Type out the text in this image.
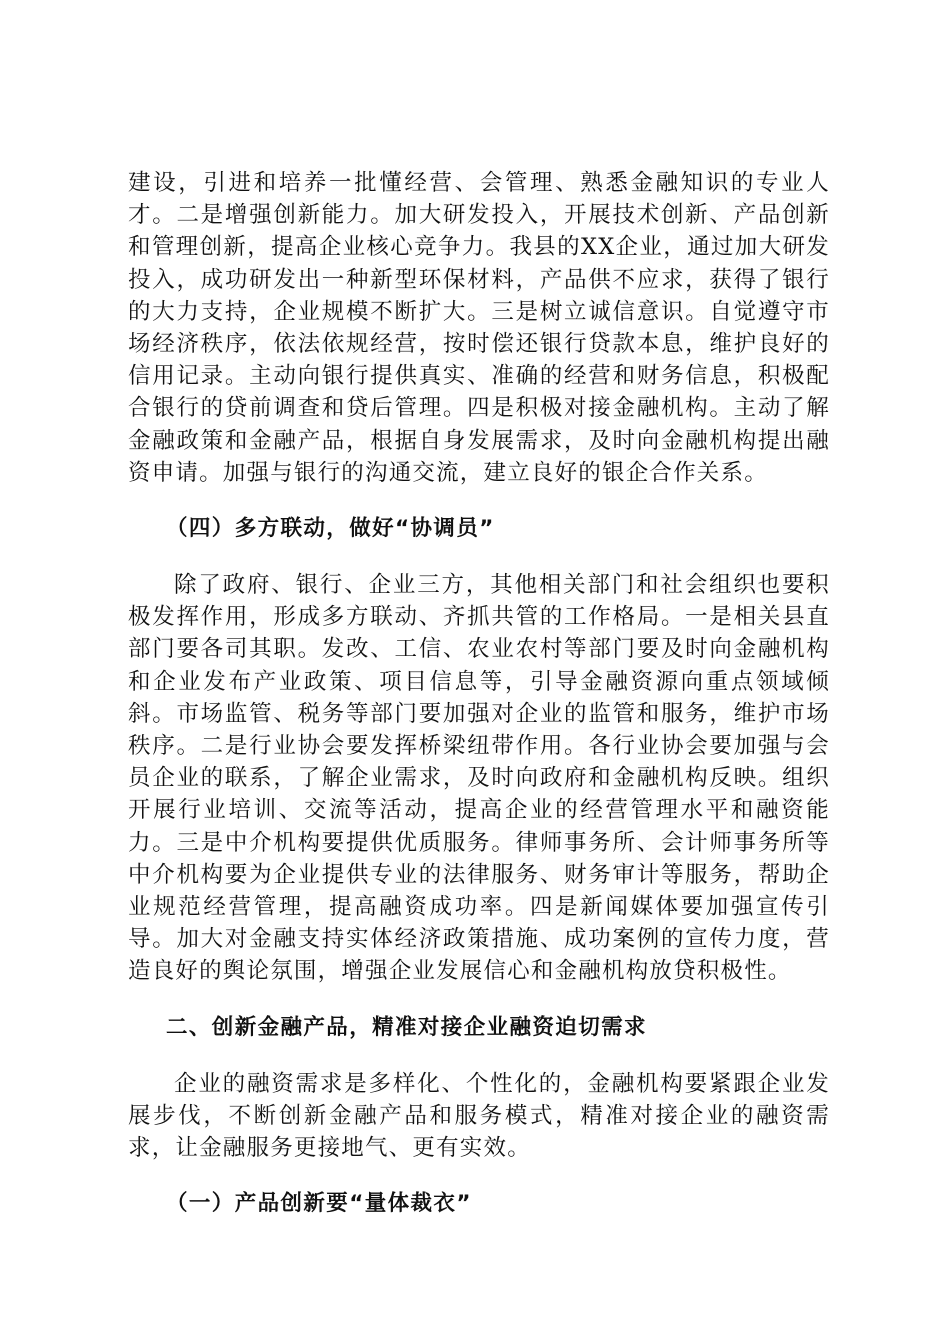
建设，引进和培养一批懂经营、会管理、熟悉金融知识的专业人才。二是增强创新能力。加大研发投入，开展技术创新、产品创新和管理创新，提高企业核心竞争力。我县的XX企业，通过加大研发投入，成功研发出一种新型环保材料，产品供不应求，获得了银行的大力支持，企业规模不断扩大。三是树立诚信意识。自觉遵守市场经济秩序，依法依规经营，按时偿还银行贷款本息，维护良好的信用记录。主动向银行提供真实、准确的经营和财务信息，积极配合银行的贷前调查和贷后管理。四是积极对接金融机构。主动了解金融政策和金融产品，根据自身发展需求，及时向金融机构提出融资申请。加强与银行的沟通交流，建立良好的银企合作关系。

（四）多方联动，做好“协调员”

除了政府、银行、企业三方，其他相关部门和社会组织也要积极发挥作用，形成多方联动、齐抓共管的工作格局。一是相关县直部门要各司其职。发改、工信、农业农村等部门要及时向金融机构和企业发布产业政策、项目信息等，引导金融资源向重点领域倾斜。市场监管、税务等部门要加强对企业的监管和服务，维护市场秩序。二是行业协会要发挥桥梁纽带作用。各行业协会要加强与会员企业的联系，了解企业需求，及时向政府和金融机构反映。组织开展行业培训、交流等活动，提高企业的经营管理水平和融资能力。三是中介机构要提供优质服务。律师事务所、会计师事务所等中介机构要为企业提供专业的法律服务、财务审计等服务，帮助企业规范经营管理，提高融资成功率。四是新闻媒体要加强宣传引导。加大对金融支持实体经济政策措施、成功案例的宣传力度，营造良好的舆论氛围，增强企业发展信心和金融机构放贷积极性。

二、创新金融产品，精准对接企业融资迫切需求

企业的融资需求是多样化、个性化的，金融机构要紧跟企业发展步伐，不断创新金融产品和服务模式，精准对接企业的融资需求，让金融服务更接地气、更有实效。

（一）产品创新要“量体裁衣”
